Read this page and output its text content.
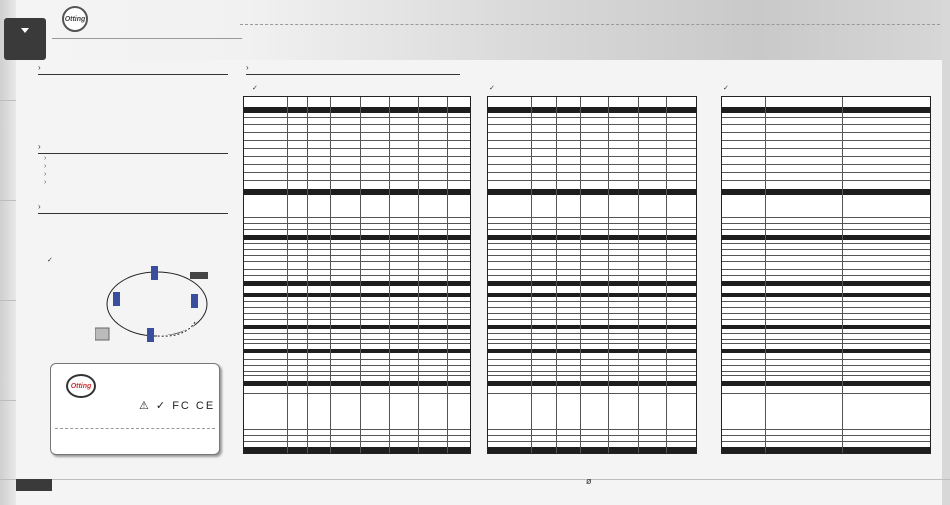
Otting
›
›
›
›
›
›
›
✓
Otting
⚠ ✓ FC CE
›
✓	✓	✓
ø
